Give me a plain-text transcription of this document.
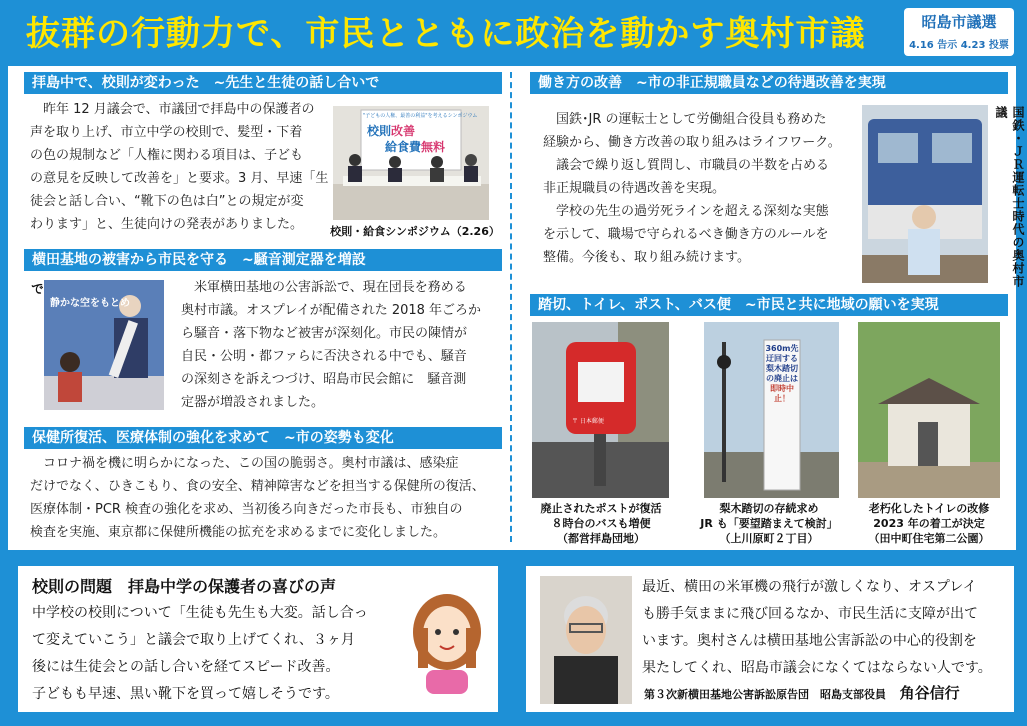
抜群の行動力で、市民とともに政治を動かす奥村市議	昭島市議選
4.16 告示 4.23 投票
拝島中で、校則が変わった　~先生と生徒の話し合いで
　昨年 12 月議会で、市議団で拝島中の保護者の
声を取り上げ、市立中学の校則で、髪型・下着
の色の規制など「人権に関わる項目は、子ども
の意見を反映して改善を」と要求。3 月、早速「生
徒会と話し合い、“靴下の色は白”との規定が変
わります」と、生徒向けの発表がありました。
"子どもの人権、最善の利益"を考えるシンポジウム
校則改善
給食費無料
校則・給食シンポジウム（2.26）
横田基地の被害から市民を守る　~騒音測定器を増設
で
静かな空をもとめ
　米軍横田基地の公害訴訟で、現在団長を務める
奥村市議。オスプレイが配備された 2018 年ごろか
ら騒音・落下物など被害が深刻化。市民の陳情が
自民・公明・都ファらに否決される中でも、騒音
の深刻さを訴えつづけ、昭島市民会館に　騒音測
定器が増設されました。
保健所復活、医療体制の強化を求めて　~市の姿勢も変化
　コロナ禍を機に明らかになった、この国の脆弱さ。奥村市議は、感染症
だけでなく、ひきこもり、食の安全、精神障害などを担当する保健所の復活、
医療体制・PCR 検査の強化を求め、当初後ろ向きだった市長も、市独自の
検査を実施、東京都に保健所機能の拡充を求めるまでに変化しました。
働き方の改善　~市の非正規職員などの待遇改善を実現
　国鉄･JR の運転士として労働組合役員も務めた
経験から、働き方改善の取り組みはライフワーク。
　議会で繰り返し質問し、市職員の半数を占める
非正規職員の待遇改善を実現。
　学校の先生の過労死ラインを超える深刻な実態
を示して、職場で守られるべき働き方のルールを
整備。今後も、取り組み続けます。	国鉄・ＪＲ運転士時代の奥村市議
踏切、トイレ、ポスト、バス便　~市民と共に地域の願いを実現
〒 日本郵便
360m先
迂回する梨木踏切の廃止は
即時中止！
廃止されたポストが復活
８時台のバスも増便
（都営拝島団地）
梨木踏切の存続求め
JR も「要望踏まえて検討」
（上川原町２丁目）
老朽化したトイレの改修
2023 年の着工が決定
（田中町住宅第二公園）
校則の問題　拝島中学の保護者の喜びの声
中学校の校則について「生徒も先生も大変。話し合っ
て変えていこう」と議会で取り上げてくれ、３ヶ月
後には生徒会との話し合いを経てスピード改善。
子どもも早速、黒い靴下を買って嬉しそうです。
最近、横田の米軍機の飛行が激しくなり、オスプレイ
も勝手気ままに飛び回るなか、市民生活に支障が出て
います。奥村さんは横田基地公害訴訟の中心的役割を
果たしてくれ、昭島市議会になくてはならない人です。
第３次新横田基地公害訴訟原告団　昭島支部役員 角谷信行
